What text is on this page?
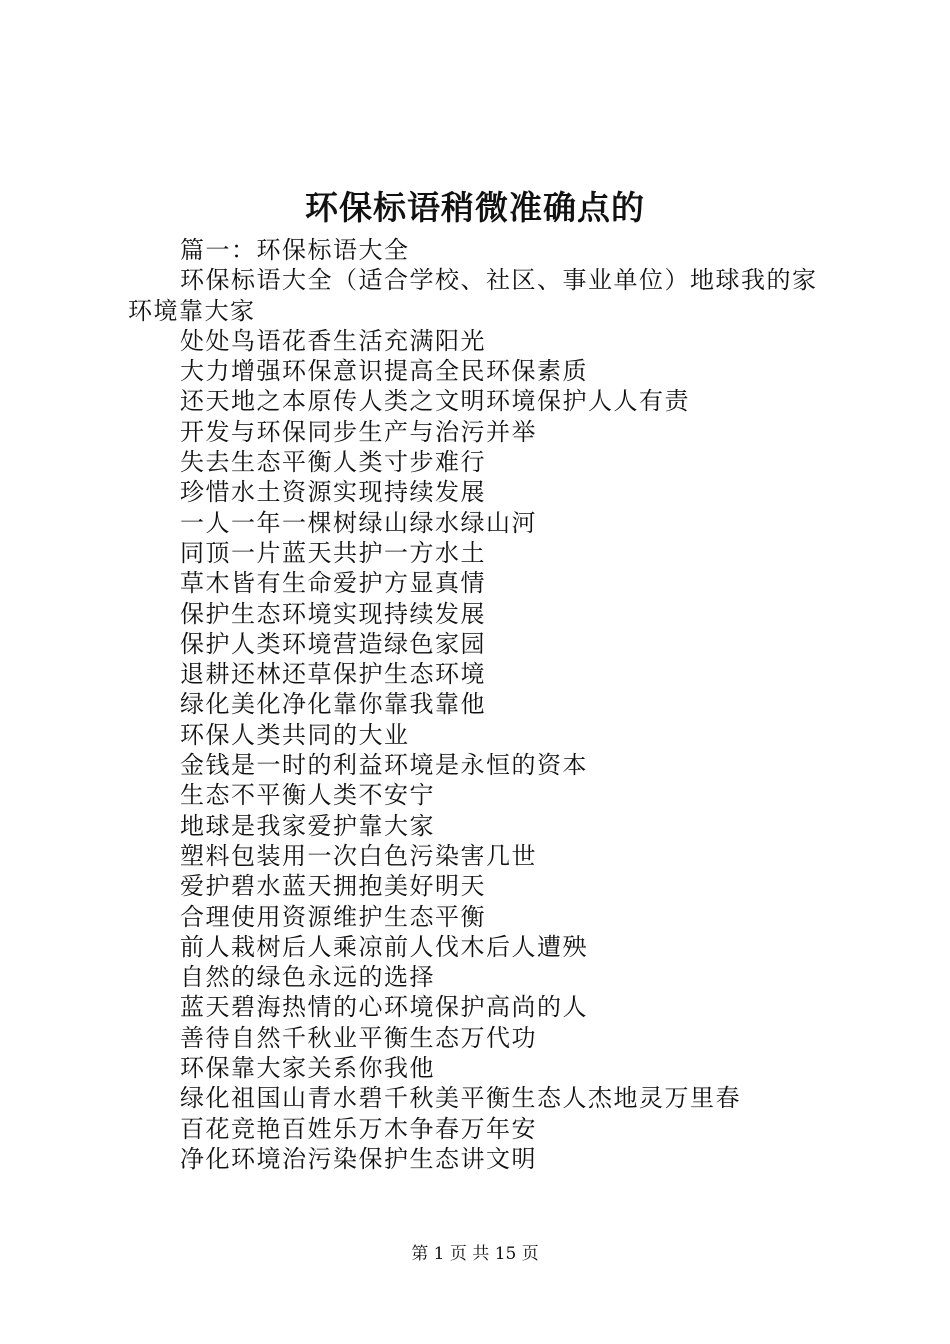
环保标语稍微准确点的

篇一：环保标语大全

环保标语大全（适合学校、社区、事业单位）地球我的家环境靠大家

处处鸟语花香生活充满阳光

大力增强环保意识提高全民环保素质

还天地之本原传人类之文明环境保护人人有责

开发与环保同步生产与治污并举

失去生态平衡人类寸步难行

珍惜水土资源实现持续发展

一人一年一棵树绿山绿水绿山河

同顶一片蓝天共护一方水土

草木皆有生命爱护方显真情

保护生态环境实现持续发展

保护人类环境营造绿色家园

退耕还林还草保护生态环境

绿化美化净化靠你靠我靠他

环保人类共同的大业

金钱是一时的利益环境是永恒的资本

生态不平衡人类不安宁

地球是我家爱护靠大家

塑料包装用一次白色污染害几世

爱护碧水蓝天拥抱美好明天

合理使用资源维护生态平衡

前人栽树后人乘凉前人伐木后人遭殃

自然的绿色永远的选择

蓝天碧海热情的心环境保护高尚的人

善待自然千秋业平衡生态万代功

环保靠大家关系你我他

绿化祖国山青水碧千秋美平衡生态人杰地灵万里春

百花竞艳百姓乐万木争春万年安

净化环境治污染保护生态讲文明

第 1 页 共 15 页
